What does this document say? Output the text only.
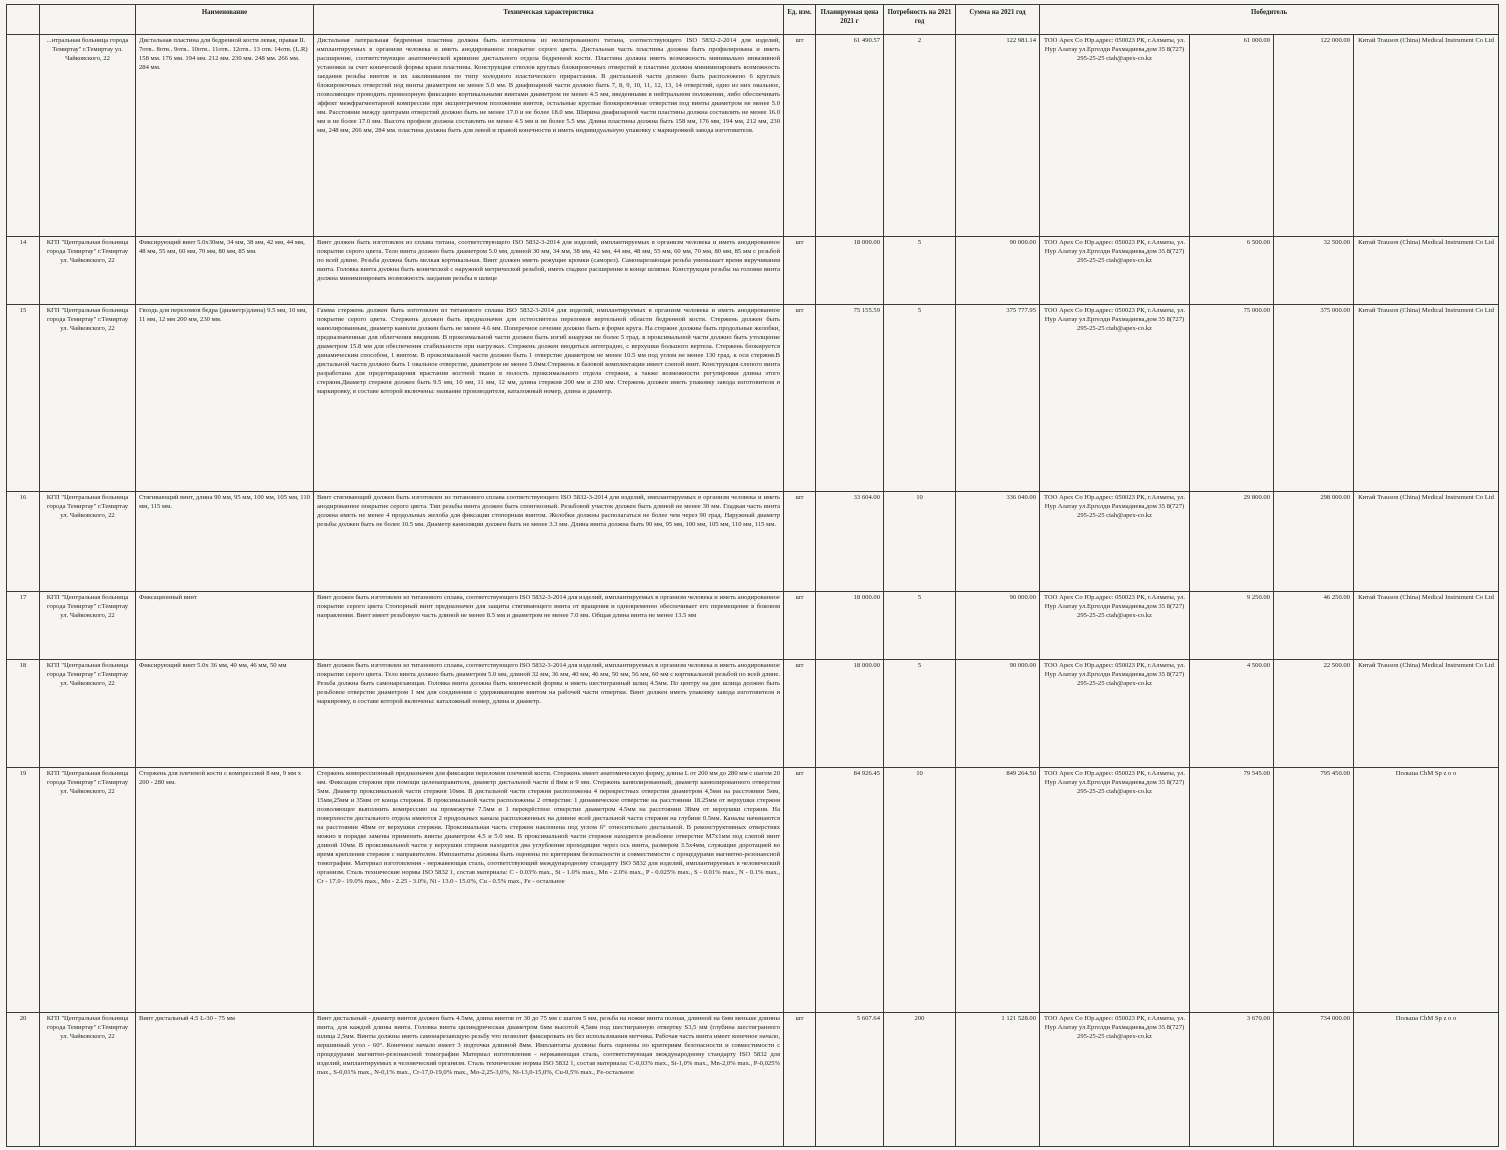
		Наименование	Техническая характеристика	Ед. изм.	Планируемая цена 2021 г	Потребность на 2021 год	Сумма на 2021 год	Победитель			
	...нтральная больница города Темиртау" г.Темиртау ул. Чайковского, 22	Дистальная пластина для бедренной кости левая, правая II. 7отв.. 8отв.. 9отв.. 10отв.. 11отв.. 12отв.. 13 отв. 14отв. (L.R) 158 мм. 176 мм. 194 мм. 212 мм. 230 мм. 248 мм. 266 мм. 284 мм.	Дистальная латеральная бедренная пластина должна быть изготовлена из нелегированного титана, соответствующего ISO 5832-2-2014 для изделий, имплантируемых в организм человека и иметь анодированное покрытие серого цвета. Дистальная часть пластины должна быть профилирована и иметь расширение, соответствующее анатомической кривизне дистального отдела бедренной кости. Пластина должна иметь возможность минимально инвазивной установки за счет конической формы краев пластины. Конструкция стволов круглых блокировочных отверстий в пластине должна минимизировать возможность заедания резьбы винтов и их заклинивания по типу холодного пластического прирастания. В дистальной части должно быть расположено 6 круглых блокировочных отверстий под винты диаметром не менее 5.0 мм. В диафизарной части должно быть 7, 8, 9, 10, 11, 12, 13, 14 отверстий, одно из них овальное, позволяющее проводить провизорную фиксацию кортикальными винтами диаметром не менее 4.5 мм, введенными в нейтральном положении, либо обеспечивать эффект межфрагментарной компрессии при эксцентричном положении винтов, остальные круглые блокировочные отверстия под винты диаметром не менее 5.0 мм. Расстояние между центрами отверстий должно быть не менее 17.0 и не более 18.0 мм. Ширина диафизарной части пластины должна составлять не менее 16.0 мм и не более 17.0 мм. Высота профиля должна составлять не менее 4.5 мм и не более 5.5 мм. Длина пластины должна быть 158 мм, 176 мм, 194 мм, 212 мм, 230 мм, 248 мм, 266 мм, 284 мм. пластина должна быть для левой и правой конечности и иметь индивидуальную упаковку с маркировкой завода изготовителя.	шт	61 490.57	2	122 981.14	ТОО Apex Co Юр.адрес: 050023 РК, г.Алматы, ул. Нур Алатау ул.Ергелди Рахмадиева,дом 35 8(727) 295-25-25 ctah@apex-co.kz	61 000.00	122 000.00	Китай Trauson (China) Medical Instrument Co Ltd
14	КГП "Центральная больница города Темиртау" г.Темиртау ул. Чайковского, 22	Фиксирующий винт 5.0х30мм, 34 мм, 38 мм, 42 мм, 44 мм, 48 мм, 55 мм, 60 мм, 70 мм, 80 мм, 85 мм.	Винт должен быть изготовлен из сплава титана, соответствующего ISO 5832-3-2014 для изделий, имплантируемых в организм человека и иметь анодированное покрытие серого цвета. Тело винта должно быть диаметром 5.0 мм, длиной 30 мм, 34 мм, 38 мм, 42 мм, 44 мм, 48 мм, 55 мм, 60 мм, 70 мм, 80 мм, 85 мм с резьбой по всей длине. Резьба должна быть мелкая кортикальная. Винт должен иметь режущие кромки (саморез). Самонарезающая резьба уменьшает время вкручивания винта. Головка винта должна быть конической с наружной метрической резьбой, иметь гладкое расширение в конце шляпки. Конструкция резьбы на головке винта должна минимизировать возможность заедания резьбы в шлице	шт	18 000.00	5	90 000.00	ТОО Apex Co Юр.адрес: 050023 РК, г.Алматы, ул. Нур Алатау ул.Ергелди Рахмадиева,дом 35 8(727) 295-25-25 ctah@apex-co.kz	6 500.00	32 500.00	Китай Trauson (China) Medical Instrument Co Ltd
15	КГП "Центральная больница города Темиртау" г.Темиртау ул. Чайковского, 22	Гвоздь для переломов бедра (диаметр/длина) 9.5 мм, 10 мм, 11 мм, 12 мм 200 мм, 230 мм.	Гамма стержень должен быть изготовлен из титанового сплава ISO 5832-3-2014 для изделий, имплантируемых в организм человека и иметь анодированное покрытие серого цвета. Стержень должен быть предназначен для остеосинтеза переломов вертельной области бедренной кости. Стержень должен быть канюлированным, диаметр канюли должен быть не менее 4.6 мм. Поперечное сечение должно быть в форме круга. На стержне должны быть продольные желобки, предназначенные для облегчения введения. В проксимальной части должен быть изгиб кнаружи не более 5 град. в проксимальной части должно быть утолщение диаметром 15.8 мм для обеспечения стабильности при нагрузках. Стержень должен вводиться антеградно, с верхушки большого вертела. Стержень блокируется динамическим способом, 1 винтом. В проксимальной части должно быть 1 отверстие диаметром не менее 10.5 мм под углом не менее 130 град. к оси стержня.В дистальной части должно быть 1 овальное отверстие, диаметром не менее 5.0мм.Стержень в базовой комплектации имеет слепой винт. Конструкция слепого винта разработана для предотвращения врастания костной ткани в полость проксимального отдела стержня, а также возможности регулировки длины этого стержня.Диаметр стержня должен быть 9.5 мм, 10 мм, 11 мм, 12 мм, длина стержня 200 мм и 230 мм. Стержень должен иметь упаковку завода изготовителя и маркировку, в составе которой включены: название производителя, каталожный номер, длина и диаметр.	шт	75 155.59	5	375 777.95	ТОО Apex Co Юр.адрес: 050023 РК, г.Алматы, ул. Нур Алатау ул.Ергелди Рахмадиева,дом 35 8(727) 295-25-25 ctah@apex-co.kz	75 000.00	375 000.00	Китай Trauson (China) Medical Instrument Co Ltd
16	КГП "Центральная больница города Темиртау" г.Темиртау ул. Чайковского, 22	Стягивающий винт, длина 90 мм, 95 мм, 100 мм, 105 мм, 110 мм, 115 мм.	Винт стягивающий должен быть изготовлен из титанового сплава соответствующего ISO 5832-3-2014 для изделий, имплантируемых в организм человека и иметь анодированное покрытие серого цвета. Тип резьбы винта должен быть спонгиозный. Резьбовой участок должен быть длиной не менее 30 мм. Гладкая часть винта должна иметь не менее 4 продольных желоба для фиксации стопорным винтом. Желобки должны располагаться не более чем через 90 град. Наружный диаметр резьбы должен быть не более 10.5 мм. Диаметр канюляции должен быть не менее 3.3 мм. Длина винта должна быть 90 мм, 95 мм, 100 мм, 105 мм, 110 мм, 115 мм.	шт	33 604.00	10	336 040.00	ТОО Apex Co Юр.адрес: 050023 РК, г.Алматы, ул. Нур Алатау ул.Ергелди Рахмадиева,дом 35 8(727) 295-25-25 ctah@apex-co.kz	29 800.00	298 000.00	Китай Trauson (China) Medical Instrument Co Ltd
17	КГП "Центральная больница города Темиртау" г.Темиртау ул. Чайковского, 22	Фиксационный винт	Винт должен быть изготовлен из титанового сплава, соответствующего ISO 5832-3-2014 для изделий, имплантируемых в организм человека и иметь анодированное покрытие серого цвета Стопорный винт предназначен для защиты стягивающего винта от вращения и одновременно обеспечивает его перемещение в боковом направлении. Винт имеет резьбовую часть длиной не менее 8.5 мм и диаметром не менее 7.0 мм. Общая длина винта не менее 13.5 мм	шт	18 000.00	5	90 000.00	ТОО Apex Co Юр.адрес: 050023 РК, г.Алматы, ул. Нур Алатау ул.Ергелди Рахмадиева,дом 35 8(727) 295-25-25 ctah@apex-co.kz	9 250.00	46 250.00	Китай Trauson (China) Medical Instrument Co Ltd
18	КГП "Центральная больница города Темиртау" г.Темиртау ул. Чайковского, 22	Фиксирующий винт 5.0х 36 мм, 40 мм, 46 мм, 50 мм	Винт должен быть изготовлен из титанового сплава, соответствующего ISO 5832-3-2014 для изделий, имплантируемых в организм человека и иметь анодированное покрытие серого цвета. Тело винта должно быть диаметром 5.0 мм, длиной 32 мм, 36 мм, 40 мм, 46 мм, 50 мм, 56 мм, 60 мм с кортикальной резьбой по всей длине. Резьба должна быть самонарезающая. Головка винта должна быть конической формы и иметь шестигранный шлиц 4.5мм. По центру на дне шлица должно быть резьбовое отверстие диаметром 1 мм для соединения с удерживающим винтом на рабочей части отвертки. Винт должен иметь упаковку завода изготовителя и маркировку, в составе которой включены: каталожный номер, длина и диаметр.	шт	18 000.00	5	90 000.00	ТОО Apex Co Юр.адрес: 050023 РК, г.Алматы, ул. Нур Алатау ул.Ергелди Рахмадиева,дом 35 8(727) 295-25-25 ctah@apex-co.kz	4 500.00	22 500.00	Китай Trauson (China) Medical Instrument Co Ltd
19	КГП "Центральная больница города Темиртау" г.Темиртау ул. Чайковского, 22	Стержень для плечевой кости с компрессией 8 мм, 9 мм х 200 - 280 мм.	Стержень компрессионный предназначен для фиксации переломов плечевой кости. Стержень имеет анатомическую форму, длина L от 200 мм до 280 мм с шагом 20 мм. Фиксация стержня при помощи целенаправителя, диаметр дистальной части d 8мм и 9 мм. Стержень канюлированный, диаметр канюлированного отверстия 5мм. Диаметр проксимальной части стержня 10мм. В дистальной части стержня расположены 4 перекрестных отверстия диаметром 4,5мм на расстоянии 5мм, 15мм,25мм и 35мм от конца стержня. В проксимальной части расположены 2 отверстия: 1 динамическое отверстие на расстоянии 18.25мм от верхушки стержня позволяющее выполнить компрессию на промежутке 7.5мм и 1 перекрёстное отверстие диаметром 4.5мм на расстоянии 38мм от верхушки стержня. На поверхности дистального отдела имеются 2 продольных канала расположенных на длинне всей дистальной части стержня на глубине 0.5мм. Каналы начинаются на расстоянии 48мм от верхушки стержня. Проксимальная часть стержня наклонена под углом 6° относительно дистальной. В реконструктивных отверстиях можно в порядке замены применять винты диаметром 4.5 и 5.0 мм. В проксимальной части стержня находится резьбовое отверстие M7x1мм под слепой винт длиной 10мм. В проксимальной части у верхушки стержня находится два углубления проходящие через ось винта, размером 3.5x4мм, служащие доротацией во время крепления стержня с направителем. Имплантаты должны быть оценены по критериям безопасности и совместимости с процедурами магнитно-резонансной томографии. Материал изготовления - нержавеющая сталь, соответствующий международному стандарту ISO 5832 для изделий, имплантируемых в человеческий организм. Сталь технические нормы ISO 5832 1, состав материала: C - 0.03% max., Si - 1.0% max., Mn - 2.0% max., P - 0.025% max., S - 0.01% max., N - 0.1% max., Cr - 17.0 - 19.0% max., Mo - 2.25 - 3.0%, Ni - 13.0 - 15.0%, Cu - 0.5% max., Fe - остальное	шт	84 926.45	10	849 264.50	ТОО Apex Co Юр.адрес: 050023 РК, г.Алматы, ул. Нур Алатау ул.Ергелди Рахмадиева,дом 35 8(727) 295-25-25 ctah@apex-co.kz	79 545.00	795 450.00	Польша ChM Sp z o o
20	КГП "Центральная больница города Темиртау" г.Темиртау ул. Чайковского, 22	Винт дистальный 4.5 L-30 - 75 мм	Винт дистальный - диаметр винтов должен быть 4.5мм, длина винтов от 30 до 75 мм с шагом 5 мм, резьба на ножке винта полная, длинной на 6мм меньше длинны винта, для каждой длины винта. Головка винта цилиндрическая диаметром 6мм высотой 4,5мм под шестигранную отвертку S3,5 мм (глубина шестигранного шлица 2,5мм. Винты должны иметь самонарезающую резьбу что позволит фиксировать их без использования метчика. Рабочая часть винта имеет конечное начало, вершинный угол - 60°. Конечное начало имеет 3 подточки длинной 8мм. Имплантаты должны быть оценены по критериям безопасности и совместимости с процедурами магнитно-резонансной томографии Материал изготовления - нержавеющая сталь, соответствующая международному стандарту ISO 5832 для изделий, имплантируемых в человеческий организм. Сталь технические нормы ISO 5832 1, состав материала: C-0,03% max., Si-1,0% max., Mn-2,0% max., P-0,025% max., S-0,01% max., N-0,1% max., Cr-17,0-19,0% max., Mo-2,25-3,0%, Ni-13,0-15,0%, Cu-0,5% max., Fe-остальное	шт	5 607.64	200	1 121 528.00	ТОО Apex Co Юр.адрес: 050023 РК, г.Алматы, ул. Нур Алатау ул.Ергелди Рахмадиева,дом 35 8(727) 295-25-25 ctah@apex-co.kz	3 670.00	734 000.00	Польша ChM Sp z o o
